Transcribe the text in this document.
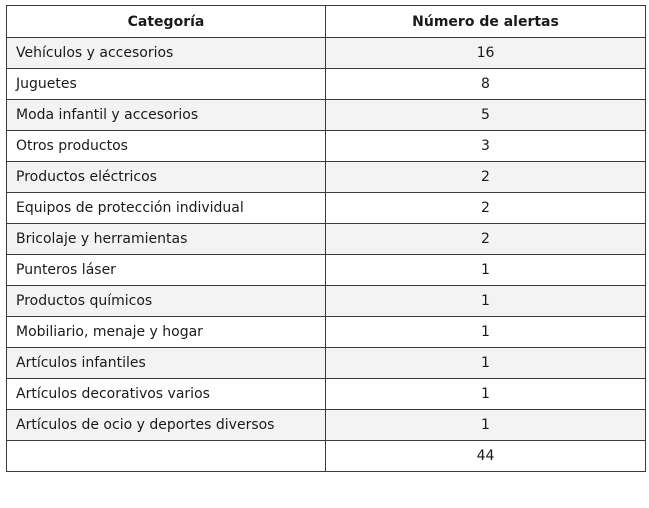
Categoría	Número de alertas
Vehículos y accesorios	16
Juguetes	8
Moda infantil y accesorios	5
Otros productos	3
Productos eléctricos	2
Equipos de protección individual	2
Bricolaje y herramientas	2
Punteros láser	1
Productos químicos	1
Mobiliario, menaje y hogar	1
Artículos infantiles	1
Artículos decorativos varios	1
Artículos de ocio y deportes diversos	1
	44
